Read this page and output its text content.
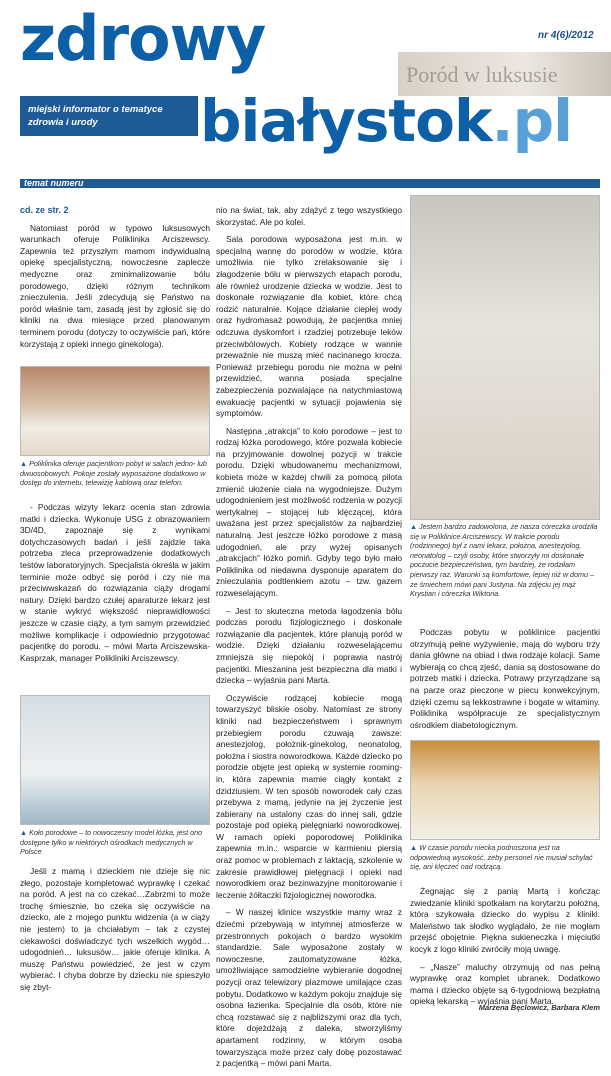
zdrowy	nr 4(6)/2012
Poród w luksusie
miejski informator o tematyce zdrowia i urody	białystok.pl
temat numeru
cd. ze str. 2

Natomiast poród w typowo luksusowych warunkach oferuje Poliklinika Arciszewscy. Zapewnia też przyszłym mamom indywidualną opiekę specjalistyczną, nowoczesne zaplecze medyczne oraz zminimalizowanie bólu porodowego, dzięki różnym technikom znieczulenia. Jeśli zdecydują się Państwo na poród właśnie tam, zasadą jest by zgłosić się do kliniki na dwa miesiące przed planowanym terminem porodu (dotyczy to oczywiście pań, które korzystają z opieki innego ginekologa).

▲ Poliklinika oferuje pacjentkom pobyt w salach jedno- lub dwuosobowych. Pokoje zostały wyposażone dodatkowo w dostęp do internetu, telewizję kablową oraz telefon.

- Podczas wizyty lekarz ocenia stan zdrowia matki i dziecka. Wykonuje USG z obrazowaniem 3D/4D, zapoznaje się z wynikami dotychczasowych badań i jeśli zajdzie taka potrzeba zleca przeprowadzenie dodatkowych testów laboratoryjnych. Specjalista określa w jakim terminie może odbyć się poród i czy nie ma przeciwwskazań do rozwiązania ciąży drogami natury. Dzięki bardzo czułej aparaturze lekarz jest w stanie wykryć większość nieprawidłowości jeszcze w czasie ciąży, a tym samym przewidzieć możliwe komplikacje i odpowiednio przygotować pacjentkę do porodu. – mówi Marta Arciszewska-Kasprzak, manager Polikliniki Arciszewscy.

▲ Koło porodowe – to nowoczesny model łóżka, jest ono dostępne tylko w niektórych ośrodkach medycznych w Polsce

Jeśli z mamą i dzieckiem nie dzieje się nic złego, pozostaje kompletować wyprawkę i czekać na poród. A jest na co czekać…Zabrzmi to może trochę śmiesznie, bo czeka się oczywiście na dziecko, ale z mojego punktu widzenia (a w ciąży nie jestem) to ja chciałabym – tak z czystej ciekawości doświadczyć tych wszelkich wygód… udogodnień… luksusów… jakie oferuje klinika. A muszę Państwu powiedzieć, że jest w czym wybierać. I chyba dobrze by dziecku nie spieszyło się zbyt-

nio na świat, tak, aby zdążyć z tego wszystkiego skorzystać. Ale po kolei.

Sala porodowa wyposażona jest m.in. w specjalną wannę do porodów w wodzie, która umożliwia nie tylko zrelaksowanie się i złagodzenie bólu w pierwszych etapach porodu, ale również urodzenie dziecka w wodzie. Jest to doskonałe rozwiązanie dla kobiet, które chcą rodzić naturalnie. Kojące działanie ciepłej wody oraz hydromasaż powodują, że pacjentka mniej odczuwa dyskomfort i rzadziej potrzebuje leków przeciwbólowych. Kobiety rodzące w wannie przeważnie nie muszą mieć nacinanego krocza. Ponieważ przebiegu porodu nie można w pełni przewidzieć, wanna posiada specjalne zabezpieczenia pozwalające na natychmiastową ewakuację pacjentki w sytuacji pojawienia się symptomów.

Następna „atrakcja” to koło porodowe – jest to rodzaj łóżka porodowego, które pozwala kobiecie na przyjmowanie dowolnej pozycji w trakcie porodu. Dzięki wbudowanemu mechanizmowi, kobieta może w każdej chwili za pomocą pilota zmienić ułożenie ciała na wygodniejsze. Dużym udogodnieniem jest możliwość rodzenia w pozycji wertykalnej – stojącej lub klęczącej, która uważana jest przez specjalistów za najbardziej naturalną. Jest jeszcze łóżko porodowe z masą udogodnień, ale przy wyżej opisanych „atrakcjach” łóżko pomiń. Gdyby tego było mało Poliklinika od niedawna dysponuje aparatem do znieczulania podtlenkiem azotu – tzw. gazem rozweselającym.

– Jest to skuteczna metoda łagodzenia bólu podczas porodu fizjologicznego i doskonałe rozwiązanie dla pacjentek, które planują poród w wodzie. Dzięki działaniu rozweselającemu zmniejsza się niepokój i poprawia nastrój pacjentki. Mieszanina jest bezpieczna dla matki i dziecka – wyjaśnia pani Marta.

Oczywiście rodzącej kobiecie mogą towarzyszyć bliskie osoby. Natomiast ze strony kliniki nad bezpieczeństwem i sprawnym przebiegiem porodu czuwają zawsze: anestezjolog, położnik-ginekolog, neonatolog, położna i siostra noworodkowa. Każde dziecko po porodzie objęte jest opieką w systemie rooming-in, która zapewnia mamie ciągły kontakt z dzidziusiem. W ten sposób noworodek cały czas przebywa z mamą, jedynie na jej życzenie jest zabierany na ustalony czas do innej sali, gdzie pozostaje pod opieką pielęgniarki noworodkowej. W ramach opieki poporodowej Poliklinika zapewnia m.in.: wsparcie w karmieniu piersią oraz pomoc w problemach z laktacją, szkolenie w zakresie prawidłowej pielęgnacji i opieki nad noworodkiem oraz bezinwazyjne monitorowanie i leczenie żółtaczki fizjologicznej noworodka.

– W naszej klinice wszystkie mamy wraz z dziećmi przebywają w intymnej atmosferze w przestronnych pokojach o bardzo wysokim standardzie. Sale wyposażone zostały w nowoczesne, zautomatyzowane łóżka, umożliwiające samodzielne wybieranie dogodnej pozycji oraz telewizory plazmowe umilające czas pobytu. Dodatkowo w każdym pokoju znajduje się osobna łazienka. Specjalnie dla osób, które nie chcą rozstawać się z najbliższymi oraz dla tych, które dojeżdżają z daleka, stworzyliśmy apartament rodzinny, w którym osoba towarzysząca może przez cały dobę pozostawać z pacjentką – mówi pani Marta.

▲ Jestem bardzo zadowolona, że nasza córeczka urodziła się w Poliklinice Arciszewscy. W trakcie porodu (rodzinnego) był z nami lekarz, położna, anestezjolog, neonatolog – czyli osoby, które stworzyły mi doskonałe poczucie bezpieczeństwa, tym bardziej, że rodziłam pierwszy raz. Warunki są komfortowe, lepiej niż w domu – ze śmiechem mówi pani Justyna. Na zdjęciu jej mąż Krystian i córeczka Wiktoria.

Podczas pobytu w poliklinice pacjentki otrzymują pełne wyżywienie, mają do wyboru trzy dania główne na obiad i dwa rodzaje kolacji. Same wybierają co chcą zjeść, dania są dostosowane do potrzeb matki i dziecka. Potrawy przyrządzane są na parze oraz pieczone w piecu konwekcyjnym, dzięki czemu są lekkostrawne i bogate w witaminy. Poliklinika współpracuje ze specjalistycznym ośrodkiem diabetologicznym.

▲ W czasie porodu niecka podnoszona jest na odpowiednią wysokość, żeby personel nie musiał schylać się, ani klęczeć nad rodzącą.

Żegnając się z panią Martą i kończąc zwiedzanie kliniki spotkałam na korytarzu położną, która szykowała dziecko do wypisu z kliniki. Maleństwo tak słodko wyglądało, że nie mogłam przejść obojętnie. Piękna sukieneczka i mięciutki kocyk z logo kliniki zwróciły moją uwagę.

– „Nasze” maluchy otrzymują od nas pełną wyprawkę oraz komplet ubranek. Dodatkowo mama i dziecko objęte są 6-tygodniową bezpłatną opieką lekarską – wyjaśnia pani Marta.

Marzena Bęclowicz, Barbara Klem
